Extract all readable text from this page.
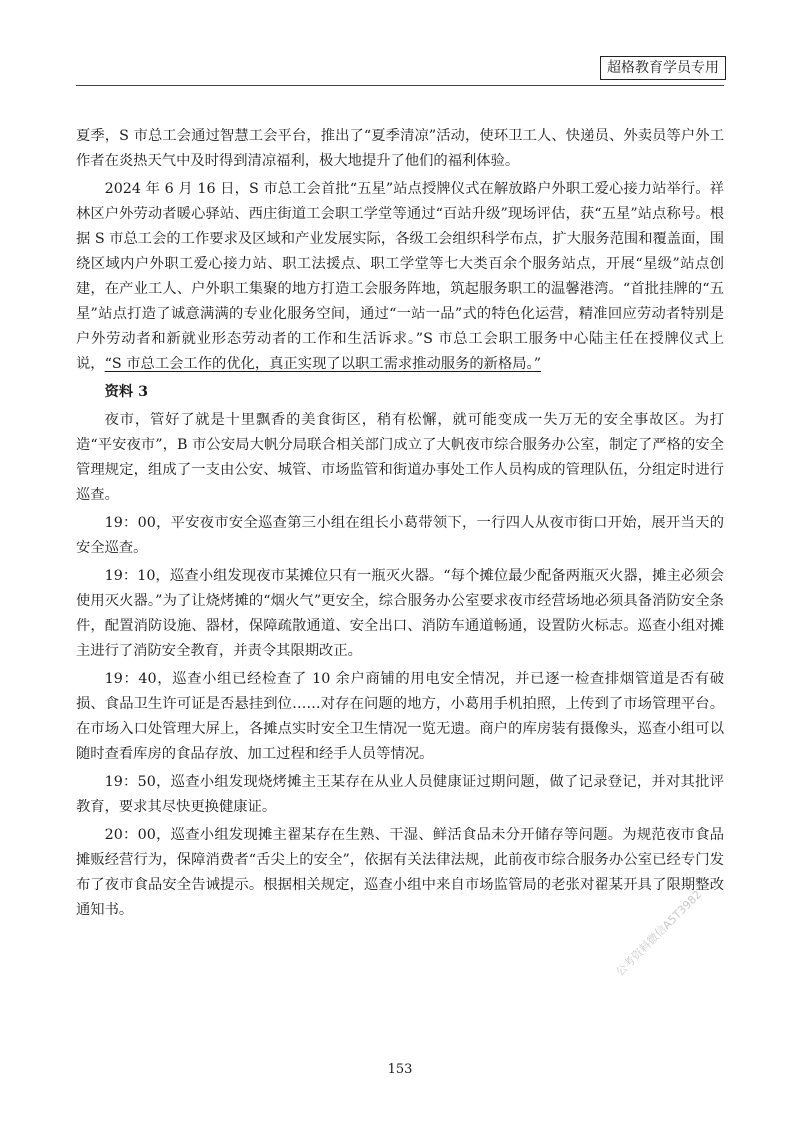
超格教育学员专用

夏季，S 市总工会通过智慧工会平台，推出了“夏季清凉”活动，使环卫工人、快递员、外卖员等户外工作者在炎热天气中及时得到清凉福利，极大地提升了他们的福利体验。

2024 年 6 月 16 日，S 市总工会首批“五星”站点授牌仪式在解放路户外职工爱心接力站举行。祥林区户外劳动者暖心驿站、西庄街道工会职工学堂等通过“百站升级”现场评估，获“五星”站点称号。根据 S 市总工会的工作要求及区域和产业发展实际，各级工会组织科学布点，扩大服务范围和覆盖面，围绕区域内户外职工爱心接力站、职工法援点、职工学堂等七大类百余个服务站点，开展“星级”站点创建，在产业工人、户外职工集聚的地方打造工会服务阵地，筑起服务职工的温馨港湾。“首批挂牌的“五星”站点打造了诚意满满的专业化服务空间，通过“一站一品”式的特色化运营，精准回应劳动者特别是户外劳动者和新就业形态劳动者的工作和生活诉求。”S 市总工会职工服务中心陆主任在授牌仪式上说，“S 市总工会工作的优化，真正实现了以职工需求推动服务的新格局。”

资料 3

夜市，管好了就是十里飘香的美食街区，稍有松懈，就可能变成一失万无的安全事故区。为打造“平安夜市”，B 市公安局大帆分局联合相关部门成立了大帆夜市综合服务办公室，制定了严格的安全管理规定，组成了一支由公安、城管、市场监管和街道办事处工作人员构成的管理队伍，分组定时进行巡查。

19：00，平安夜市安全巡查第三小组在组长小葛带领下，一行四人从夜市街口开始，展开当天的安全巡查。

19：10，巡查小组发现夜市某摊位只有一瓶灭火器。“每个摊位最少配备两瓶灭火器，摊主必须会使用灭火器。”为了让烧烤摊的“烟火气”更安全，综合服务办公室要求夜市经营场地必须具备消防安全条件，配置消防设施、器材，保障疏散通道、安全出口、消防车通道畅通，设置防火标志。巡查小组对摊主进行了消防安全教育，并责令其限期改正。

19：40，巡查小组已经检查了 10 余户商铺的用电安全情况，并已逐一检查排烟管道是否有破损、食品卫生许可证是否悬挂到位……对存在问题的地方，小葛用手机拍照，上传到了市场管理平台。在市场入口处管理大屏上，各摊点实时安全卫生情况一览无遗。商户的库房装有摄像头，巡查小组可以随时查看库房的食品存放、加工过程和经手人员等情况。

19：50，巡查小组发现烧烤摊主王某存在从业人员健康证过期问题，做了记录登记，并对其批评教育，要求其尽快更换健康证。

20：00，巡查小组发现摊主翟某存在生熟、干湿、鲜活食品未分开储存等问题。为规范夜市食品摊贩经营行为，保障消费者“舌尖上的安全”，依据有关法律法规，此前夜市综合服务办公室已经专门发布了夜市食品安全告诫提示。根据相关规定，巡查小组中来自市场监管局的老张对翟某开具了限期整改通知书。	公考资料微信A5T3982
153
